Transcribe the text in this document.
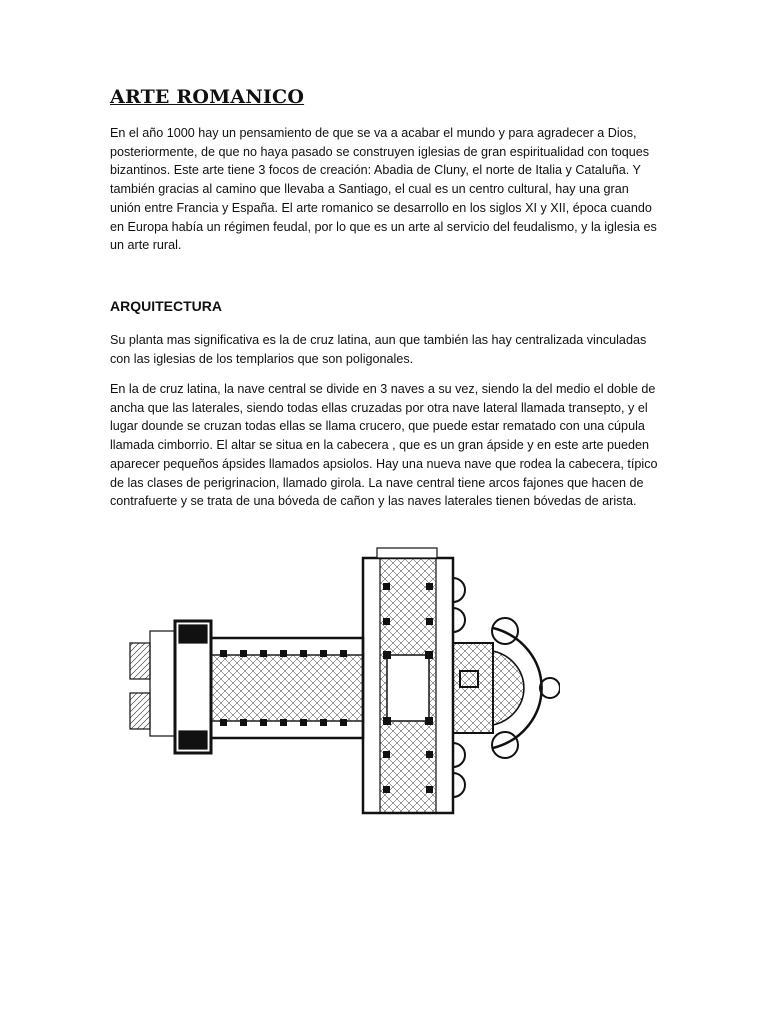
ARTE ROMANICO

En el año 1000 hay un pensamiento de que se va a acabar el mundo y para agradecer a Dios, posteriormente, de que no haya pasado se construyen iglesias de gran espiritualidad con toques bizantinos. Este arte tiene 3 focos de creación: Abadia de Cluny, el norte de Italia y Cataluña. Y también gracias al camino que llevaba a Santiago, el cual es un centro cultural, hay una gran unión entre Francia y España. El arte romanico se desarrollo en los siglos XI y XII, época cuando en Europa había un régimen feudal, por lo que es un arte al servicio del feudalismo, y la iglesia es un arte rural.

ARQUITECTURA

Su planta mas significativa es la de cruz latina, aun que también las hay centralizada vinculadas con las iglesias de los templarios que son poligonales.

En la de cruz latina, la nave central se divide en 3 naves a su vez, siendo la del medio el doble de ancha que las laterales, siendo todas ellas cruzadas por otra nave lateral llamada transepto, y el lugar dounde se cruzan todas ellas se llama crucero, que puede estar rematado con una cúpula llamada cimborrio. El altar se situa en la cabecera , que es un gran ápside y en este arte pueden aparecer pequeños ápsides llamados apsiolos. Hay una nueva nave que rodea la cabecera, típico de las clases de perigrinacion, llamado girola. La nave central tiene arcos fajones que hacen de contrafuerte y se trata de una bóveda de cañon y las naves laterales tienen bóvedas de arista.
